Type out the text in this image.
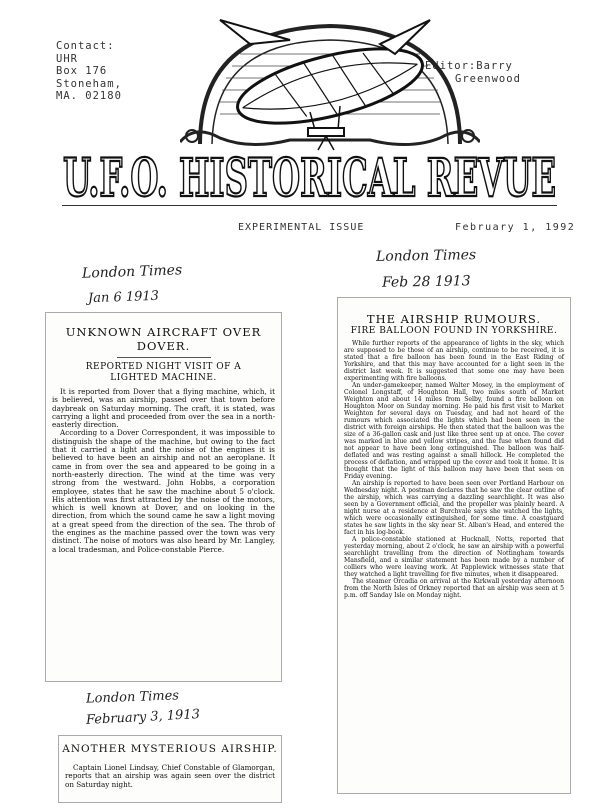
Contact:
UHR
Box 176
Stoneham,
MA. 02180
Editor:Barry
Greenwood
U.F.O. HISTORICAL REVUE
EXPERIMENTAL ISSUE	February 1, 1992
London Times
Jan 6 1913
London Times
Feb 28 1913
London Times
February 3, 1913

UNKNOWN AIRCRAFT OVER DOVER.

REPORTED NIGHT VISIT OF A LIGHTED MACHINE.

It is reported from Dover that a flying machine, which, it is believed, was an airship, passed over that town before daybreak on Saturday morning. The craft, it is stated, was carrying a light and proceeded from over the sea in a north-easterly direction.

According to a Dover Correspondent, it was impossible to distinguish the shape of the machine, but owing to the fact that it carried a light and the noise of the engines it is believed to have been an airship and not an aeroplane. It came in from over the sea and appeared to be going in a north-easterly direction. The wind at the time was very strong from the westward. John Hobbs, a corporation employee, states that he saw the machine about 5 o'clock. His attention was first attracted by the noise of the motors, which is well known at Dover, and on looking in the direction, from which the sound came he saw a light moving at a great speed from the direction of the sea. The throb of the engines as the machine passed over the town was very distinct. The noise of motors was also heard by Mr. Langley, a local tradesman, and Police-constable Pierce.

THE AIRSHIP RUMOURS.

FIRE BALLOON FOUND IN YORKSHIRE.

While further reports of the appearance of lights in the sky, which are supposed to be those of an airship, continue to be received, it is stated that a fire balloon has been found in the East Riding of Yorkshire, and that this may have accounted for a light seen in the district last week. It is suggested that some one may have been experimenting with fire balloons.

An under-gamekeeper, named Walter Mosey, in the employment of Colonel Longstaff, of Houghton Hall, two miles south of Market Weighton and about 14 miles from Selby, found a fire balloon on Houghton Moor on Sunday morning. He paid his first visit to Market Weighton for several days on Tuesday, and had not heard of the rumours which associated the lights which had been seen in the district with foreign airships. He then stated that the balloon was the size of a 36-gallon cask and just like three sent up at once. The cover was marked in blue and yellow stripes, and the fuse when found did not appear to have been long extinguished. The balloon was half-deflated and was resting against a small hillock. He completed the process of deflation, and wrapped up the cover and took it home. It is thought that the light of this balloon may have been that seen on Friday evening.

An airship is reported to have been seen over Portland Harbour on Wednesday night. A postman declares that he saw the clear outline of the airship, which was carrying a dazzling searchlight. It was also seen by a Government official, and the propeller was plainly heard. A night nurse at a residence at Burchvale says she watched the lights, which were occasionally extinguished, for some time. A coastguard states he saw lights in the sky near St. Alban's Head, and entered the fact in his log-book.

A police-constable stationed at Hucknall, Notts, reported that yesterday morning, about 2 o'clock, he saw an airship with a powerful searchlight travelling from the direction of Nottingham towards Mansfield, and a similar statement has been made by a number of colliers who were leaving work. At Papplewick witnesses state that they watched a light travelling for five minutes, when it disappeared.

The steamer Orcadia on arrival at the Kirkwall yesterday afternoon from the North Isles of Orkney reported that an airship was seen at 5 p.m. off Sanday Isle on Monday night.

ANOTHER MYSTERIOUS AIRSHIP.

Captain Lionel Lindsay, Chief Constable of Glamorgan, reports that an airship was again seen over the district on Saturday night.
